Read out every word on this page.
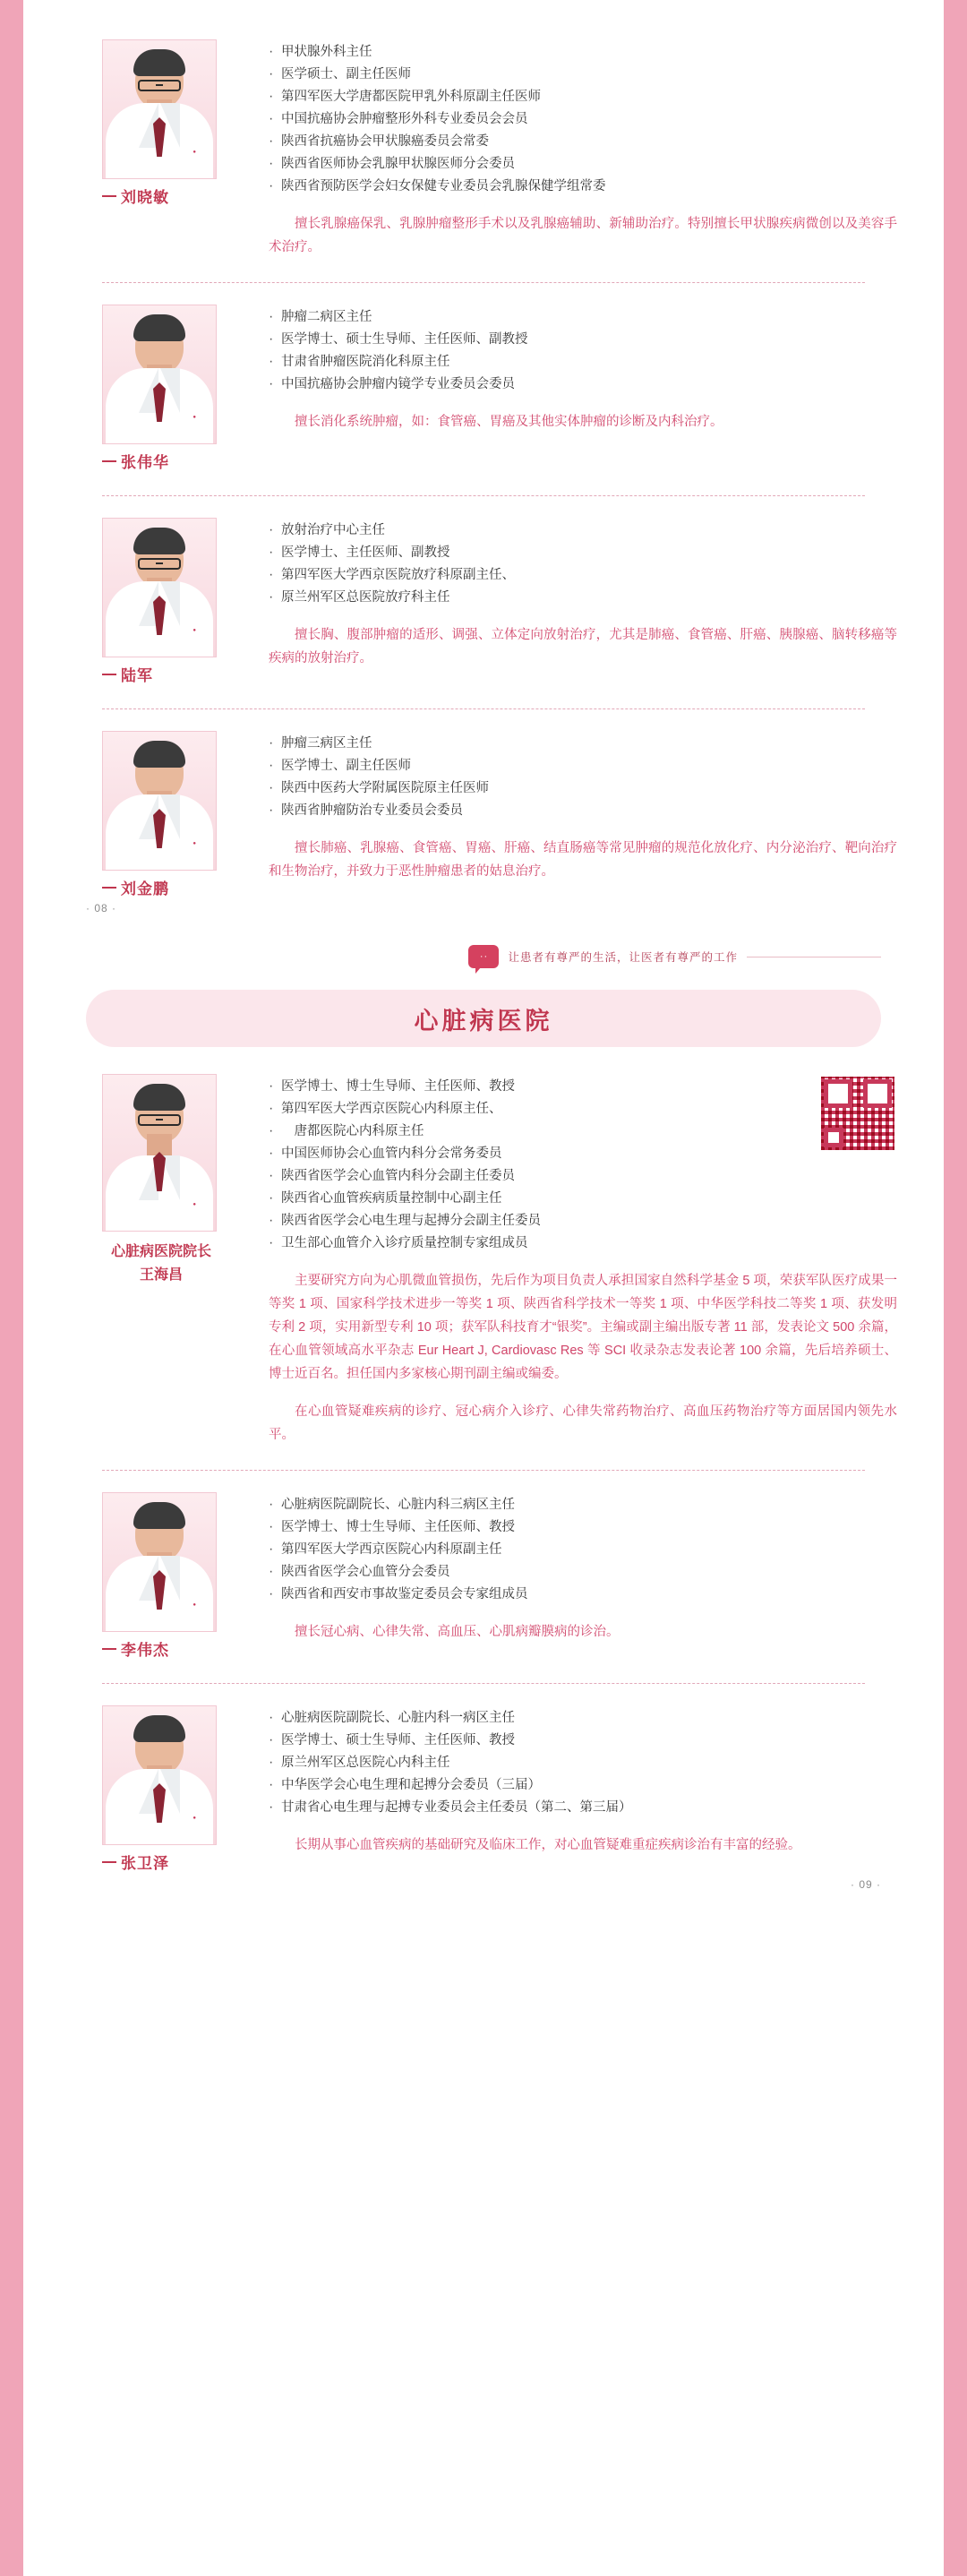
●
刘晓敏
· 甲状腺外科主任
· 医学硕士、副主任医师
· 第四军医大学唐都医院甲乳外科原副主任医师
· 中国抗癌协会肿瘤整形外科专业委员会会员
· 陕西省抗癌协会甲状腺癌委员会常委
· 陕西省医师协会乳腺甲状腺医师分会委员
· 陕西省预防医学会妇女保健专业委员会乳腺保健学组常委

擅长乳腺癌保乳、乳腺肿瘤整形手术以及乳腺癌辅助、新辅助治疗。特别擅长甲状腺疾病微创以及美容手术治疗。

●
张伟华
· 肿瘤二病区主任
· 医学博士、硕士生导师、主任医师、副教授
· 甘肃省肿瘤医院消化科原主任
· 中国抗癌协会肿瘤内镜学专业委员会委员

擅长消化系统肿瘤，如：食管癌、胃癌及其他实体肿瘤的诊断及内科治疗。

●
陆军
· 放射治疗中心主任
· 医学博士、主任医师、副教授
· 第四军医大学西京医院放疗科原副主任、
· 原兰州军区总医院放疗科主任

擅长胸、腹部肿瘤的适形、调强、立体定向放射治疗，尤其是肺癌、食管癌、肝癌、胰腺癌、脑转移癌等疾病的放射治疗。

●
刘金鹏
· 肿瘤三病区主任
· 医学博士、副主任医师
· 陕西中医药大学附属医院原主任医师
· 陕西省肿瘤防治专业委员会委员

擅长肺癌、乳腺癌、食管癌、胃癌、肝癌、结直肠癌等常见肿瘤的规范化放化疗、内分泌治疗、靶向治疗和生物治疗，并致力于恶性肿瘤患者的姑息治疗。

· 08 ·
·· 让患者有尊严的生活，让医者有尊严的工作
心脏病医院
●
心脏病医院院长
王海昌
· 医学博士、博士生导师、主任医师、教授
· 第四军医大学西京医院心内科原主任、
· 　唐都医院心内科原主任
· 中国医师协会心血管内科分会常务委员
· 陕西省医学会心血管内科分会副主任委员
· 陕西省心血管疾病质量控制中心副主任
· 陕西省医学会心电生理与起搏分会副主任委员
· 卫生部心血管介入诊疗质量控制专家组成员

主要研究方向为心肌微血管损伤，先后作为项目负责人承担国家自然科学基金 5 项，荣获军队医疗成果一等奖 1 项、国家科学技术进步一等奖 1 项、陕西省科学技术一等奖 1 项、中华医学科技二等奖 1 项、获发明专利 2 项，实用新型专利 10 项；获军队科技育才“银奖”。主编或副主编出版专著 11 部，发表论文 500 余篇，在心血管领域高水平杂志 Eur Heart J, Cardiovasc Res 等 SCI 收录杂志发表论著 100 余篇，先后培养硕士、博士近百名。担任国内多家核心期刊副主编或编委。

在心血管疑难疾病的诊疗、冠心病介入诊疗、心律失常药物治疗、高血压药物治疗等方面居国内领先水平。

●
李伟杰
· 心脏病医院副院长、心脏内科三病区主任
· 医学博士、博士生导师、主任医师、教授
· 第四军医大学西京医院心内科原副主任
· 陕西省医学会心血管分会委员
· 陕西省和西安市事故鉴定委员会专家组成员

擅长冠心病、心律失常、高血压、心肌病瓣膜病的诊治。

●
张卫泽
· 心脏病医院副院长、心脏内科一病区主任
· 医学博士、硕士生导师、主任医师、教授
· 原兰州军区总医院心内科主任
· 中华医学会心电生理和起搏分会委员（三届）
· 甘肃省心电生理与起搏专业委员会主任委员（第二、第三届）

长期从事心血管疾病的基础研究及临床工作，对心血管疑难重症疾病诊治有丰富的经验。

· 09 ·
